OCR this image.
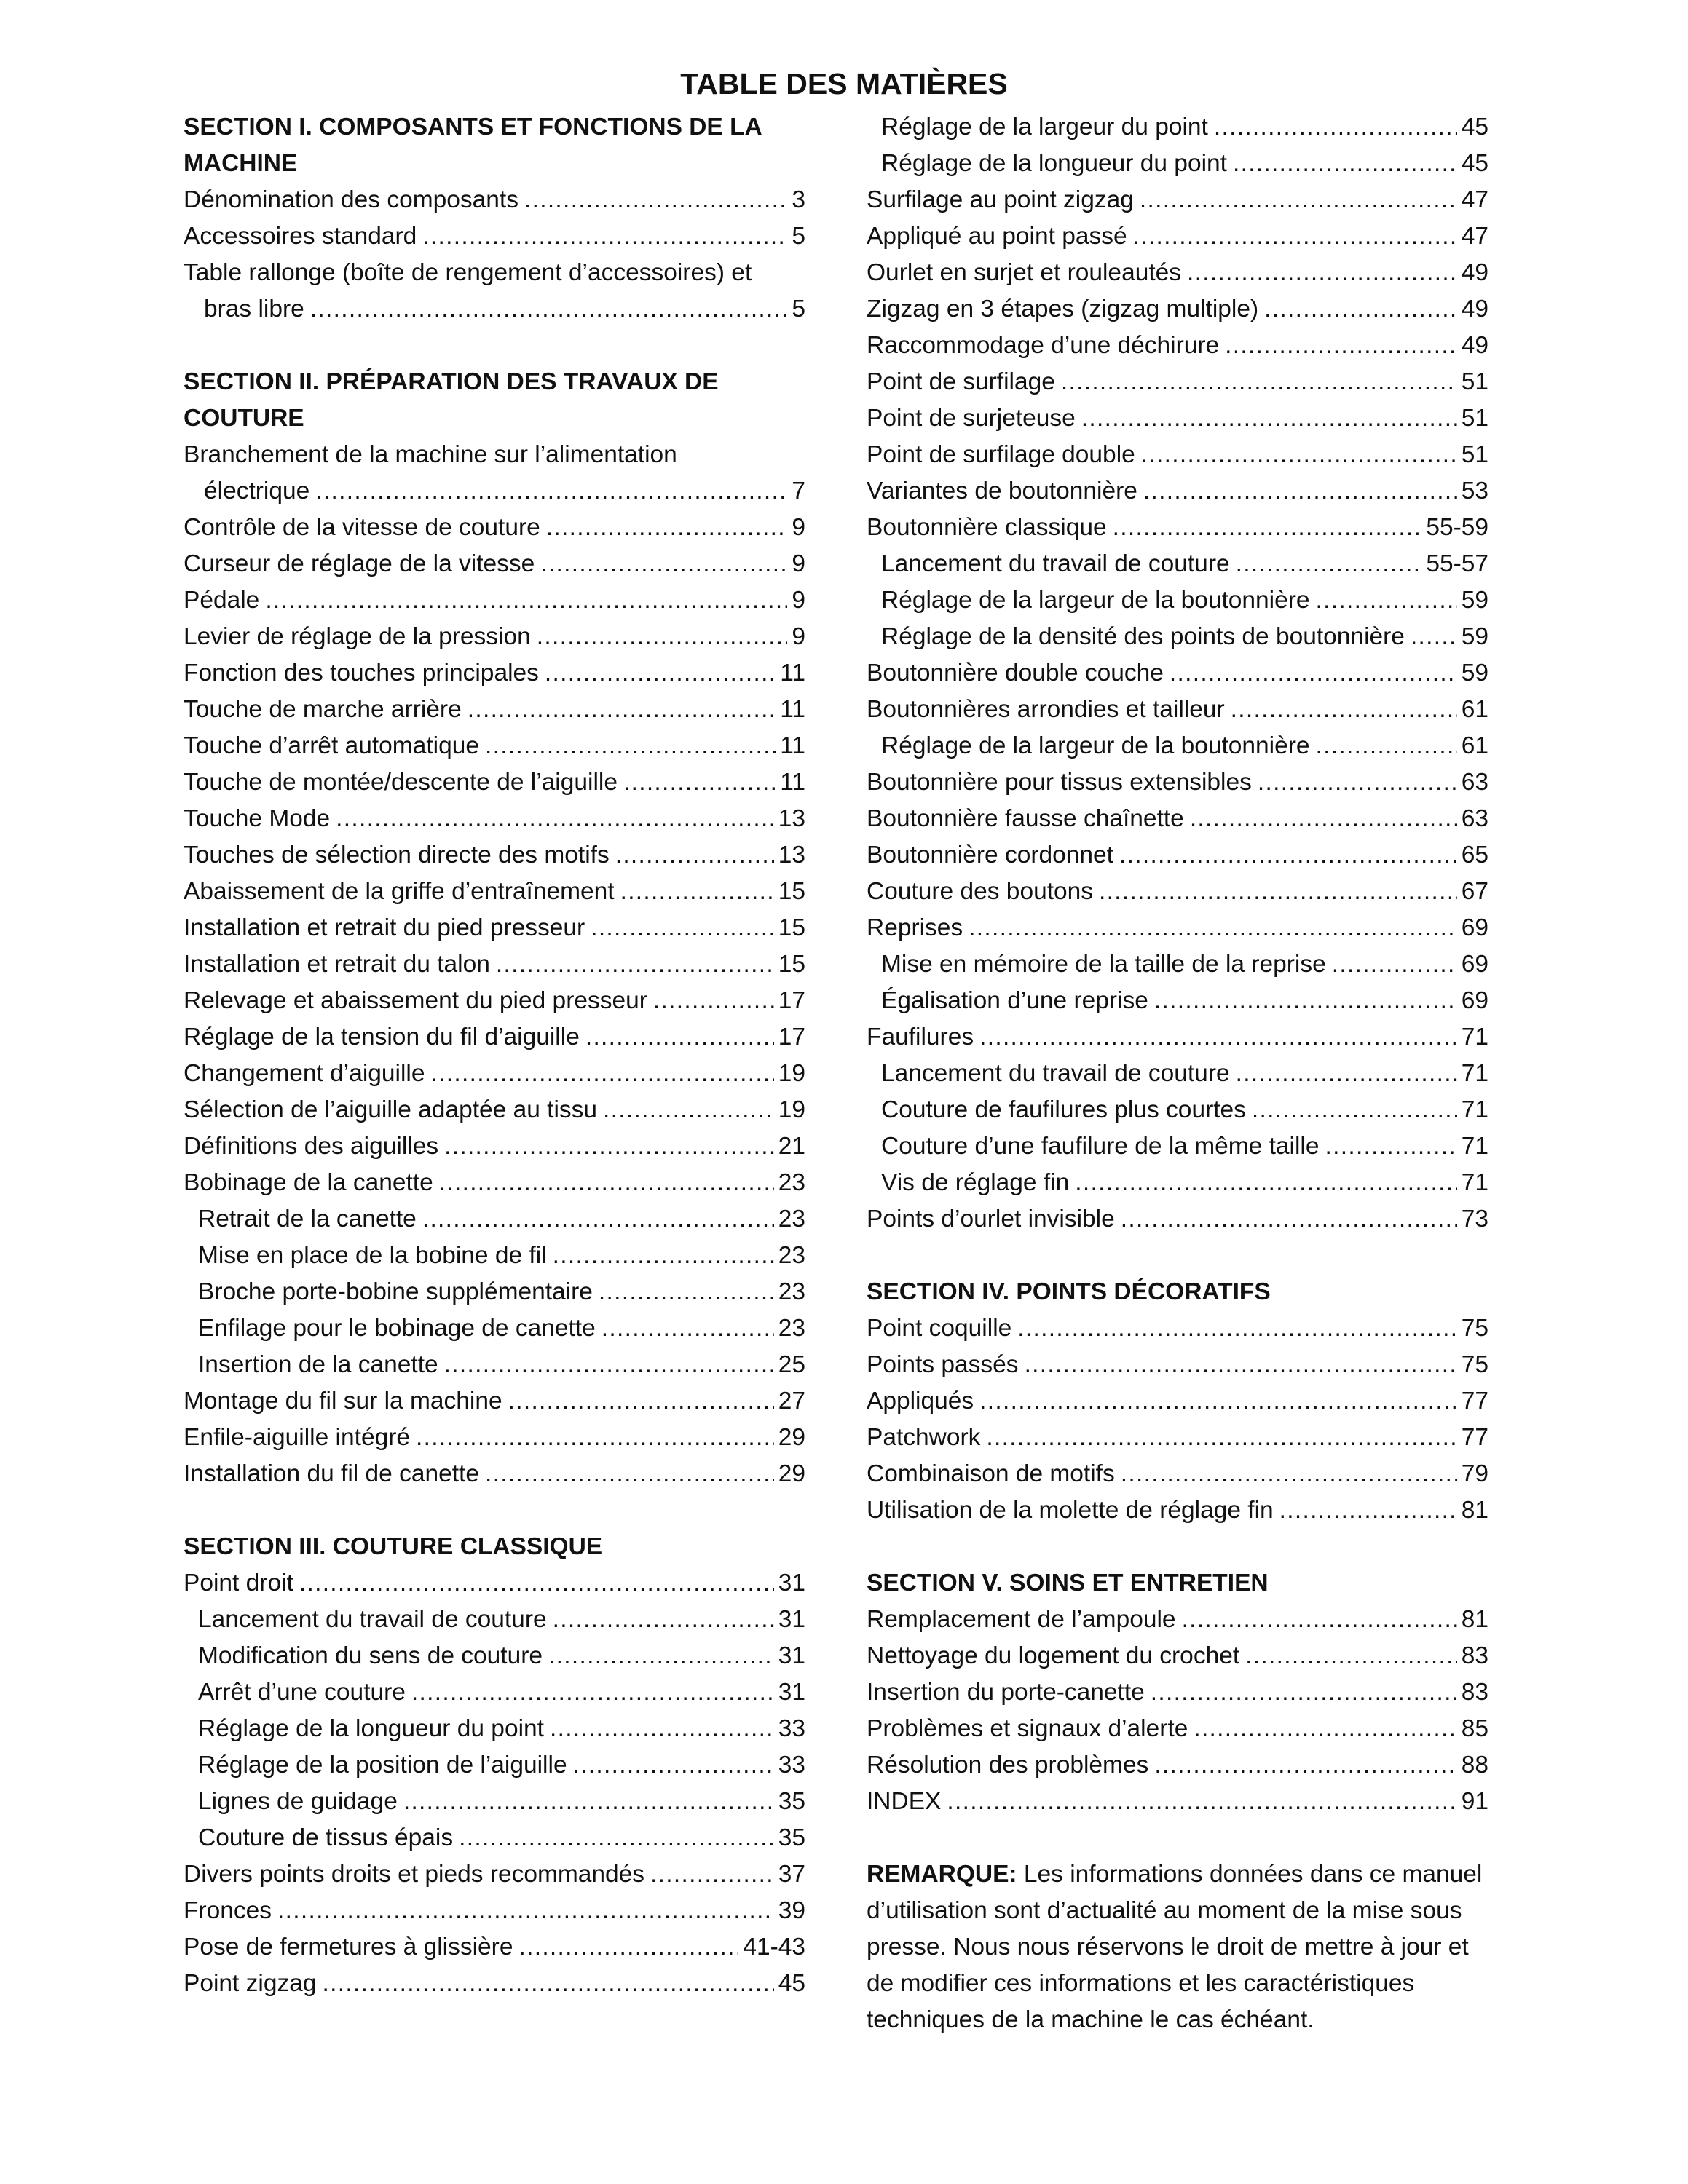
TABLE DES MATIÈRES

SECTION I. COMPOSANTS ET FONCTIONS DE LA MACHINE

Dénomination des composants . . .	3
Accessoires standard . . .	5
Table rallonge (boîte de rengement d’accessoires) et
bras libre . . .	5

SECTION II. PRÉPARATION DES TRAVAUX DE COUTURE

Branchement de la machine sur l’alimentation
électrique . . .	7
Contrôle de la vitesse de couture . . .	9
Curseur de réglage de la vitesse . . .	9
Pédale . . .	9
Levier de réglage de la pression . . .	9
Fonction des touches principales . . .	11
Touche de marche arrière . . .	11
Touche d’arrêt automatique . . .	11
Touche de montée/descente de l’aiguille . . .	11
Touche Mode . . .	13
Touches de sélection directe des motifs . . .	13
Abaissement de la griffe d’entraînement . . .	15
Installation et retrait du pied presseur . . .	15
Installation et retrait du talon . . .	15
Relevage et abaissement du pied presseur . . .	17
Réglage de la tension du fil d’aiguille . . .	17
Changement d’aiguille . . .	19
Sélection de l’aiguille adaptée au tissu . . .	19
Définitions des aiguilles . . .	21
Bobinage de la canette . . .	23
Retrait de la canette . . .	23
Mise en place de la bobine de fil . . .	23
Broche porte-bobine supplémentaire . . .	23
Enfilage pour le bobinage de canette . . .	23
Insertion de la canette . . .	25
Montage du fil sur la machine . . .	27
Enfile-aiguille intégré . . .	29
Installation du fil de canette . . .	29

SECTION III. COUTURE CLASSIQUE

Point droit . . .	31
Lancement du travail de couture . . .	31
Modification du sens de couture . . .	31
Arrêt d’une couture . . .	31
Réglage de la longueur du point . . .	33
Réglage de la position de l’aiguille . . .	33
Lignes de guidage . . .	35
Couture de tissus épais . . .	35
Divers points droits et pieds recommandés . . .	37
Fronces . . .	39
Pose de fermetures à glissière . . .	41-43
Point zigzag . . .	45
Réglage de la largeur du point . . .	45
Réglage de la longueur du point . . .	45
Surfilage au point zigzag . . .	47
Appliqué au point passé . . .	47
Ourlet en surjet et rouleautés . . .	49
Zigzag en 3 étapes (zigzag multiple) . . .	49
Raccommodage d’une déchirure . . .	49
Point de surfilage . . .	51
Point de surjeteuse . . .	51
Point de surfilage double . . .	51
Variantes de boutonnière . . .	53
Boutonnière classique . . .	55-59
Lancement du travail de couture . . .	55-57
Réglage de la largeur de la boutonnière . . .	59
Réglage de la densité des points de boutonnière . . . 59
Boutonnière double couche . . .	59
Boutonnières arrondies et tailleur . . .	61
Réglage de la largeur de la boutonnière . . .	61
Boutonnière pour tissus extensibles . . .	63
Boutonnière fausse chaînette . . .	63
Boutonnière cordonnet . . .	65
Couture des boutons . . .	67
Reprises . . .	69
Mise en mémoire de la taille de la reprise . . .	69
Égalisation d’une reprise . . .	69
Faufilures . . .	71
Lancement du travail de couture . . .	71
Couture de faufilures plus courtes . . .	71
Couture d’une faufilure de la même taille . . .	71
Vis de réglage fin . . .	71
Points d’ourlet invisible . . .	73

SECTION IV. POINTS DÉCORATIFS

Point coquille . . .	75
Points passés . . .	75
Appliqués . . .	77
Patchwork . . .	77
Combinaison de motifs . . .	79
Utilisation de la molette de réglage fin . . .	81

SECTION V. SOINS ET ENTRETIEN

Remplacement de l’ampoule . . .	81
Nettoyage du logement du crochet . . .	83
Insertion du porte-canette . . .	83
Problèmes et signaux d’alerte . . .	85
Résolution des problèmes . . .	88
INDEX . . .	91

REMARQUE: Les informations données dans ce manuel d’utilisation sont d’actualité au moment de la mise sous presse. Nous nous réservons le droit de mettre à jour et de modifier ces informations et les caractéristiques techniques de la machine le cas échéant.
